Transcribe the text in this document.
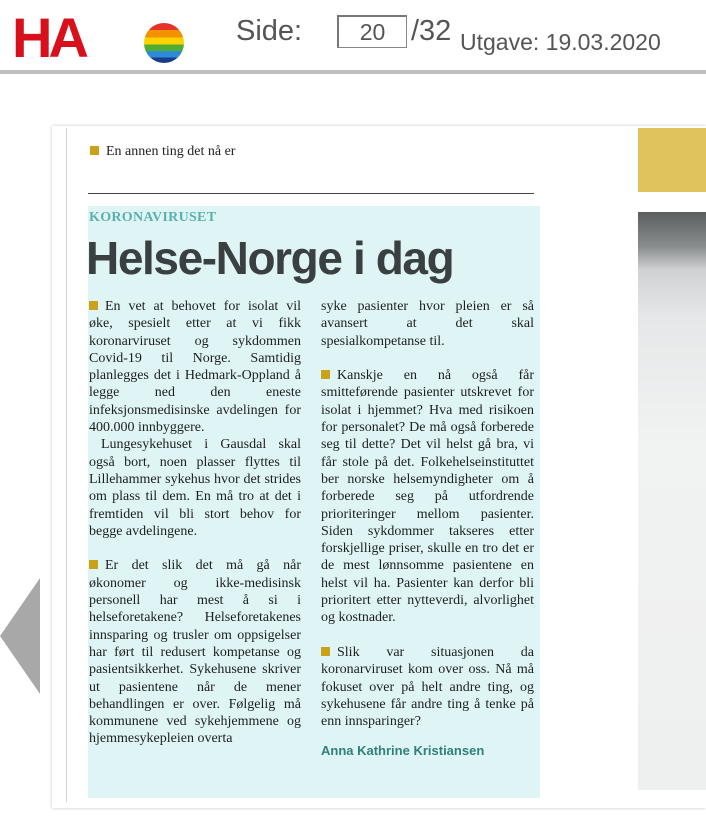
HA	Side:
20	/32 Utgave: 19.03.2020
En annen ting det nå er
KORONAVIRUSET
Helse-Norge i dag

En vet at behovet for isolat vil øke, spesielt etter at vi fikk koronarviruset og sykdommen Covid-19 til Norge. Samtidig planlegges det i Hedmark-Oppland å legge ned den eneste infeksjonsmedisinske avdelingen for 400.000 innbyggere.

Lungesykehuset i Gausdal skal også bort, noen plasser flyttes til Lillehammer sykehus hvor det strides om plass til dem. En må tro at det i fremtiden vil bli stort behov for begge avdelingene.

Er det slik det må gå når økonomer og ikke-medisinsk personell har mest å si i helseforetakene? Helseforetakenes innsparing og trusler om oppsigelser har ført til redusert kompetanse og pasientsikkerhet. Sykehusene skriver ut pasientene når de mener behandlingen er over. Følgelig må kommunene ved sykehjemmene og hjemmesykepleien overta

syke pasienter hvor pleien er så avansert at det skal spesialkompetanse til.

Kanskje en nå også får smitteførende pasienter utskrevet for isolat i hjemmet? Hva med risikoen for personalet? De må også forberede seg til dette? Det vil helst gå bra, vi får stole på det. Folkehelseinstituttet ber norske helsemyndigheter om å forberede seg på utfordrende prioriteringer mellom pasienter. Siden sykdommer takseres etter forskjellige priser, skulle en tro det er de mest lønnsomme pasientene en helst vil ha. Pasienter kan derfor bli prioritert etter nytteverdi, alvorlighet og kostnader.

Slik var situasjonen da koronarviruset kom over oss. Nå må fokuset over på helt andre ting, og sykehusene får andre ting å tenke på enn innsparinger?

Anna Kathrine Kristiansen
